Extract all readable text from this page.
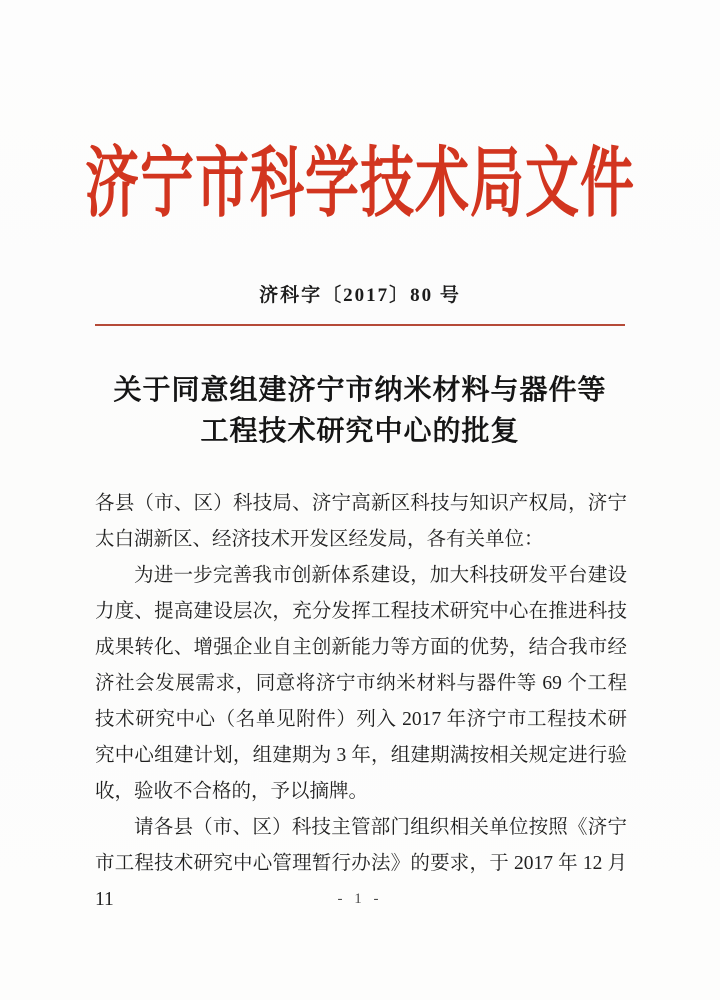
济宁市科学技术局文件
济科字〔2017〕80 号
关于同意组建济宁市纳米材料与器件等
工程技术研究中心的批复

各县（市、区）科技局、济宁高新区科技与知识产权局，济宁太白湖新区、经济技术开发区经发局，各有关单位：

为进一步完善我市创新体系建设，加大科技研发平台建设力度、提高建设层次，充分发挥工程技术研究中心在推进科技成果转化、增强企业自主创新能力等方面的优势，结合我市经济社会发展需求，同意将济宁市纳米材料与器件等 69 个工程技术研究中心（名单见附件）列入 2017 年济宁市工程技术研究中心组建计划，组建期为 3 年，组建期满按相关规定进行验收，验收不合格的，予以摘牌。

请各县（市、区）科技主管部门组织相关单位按照《济宁市工程技术研究中心管理暂行办法》的要求，于 2017 年 12 月 11	- 1 -
